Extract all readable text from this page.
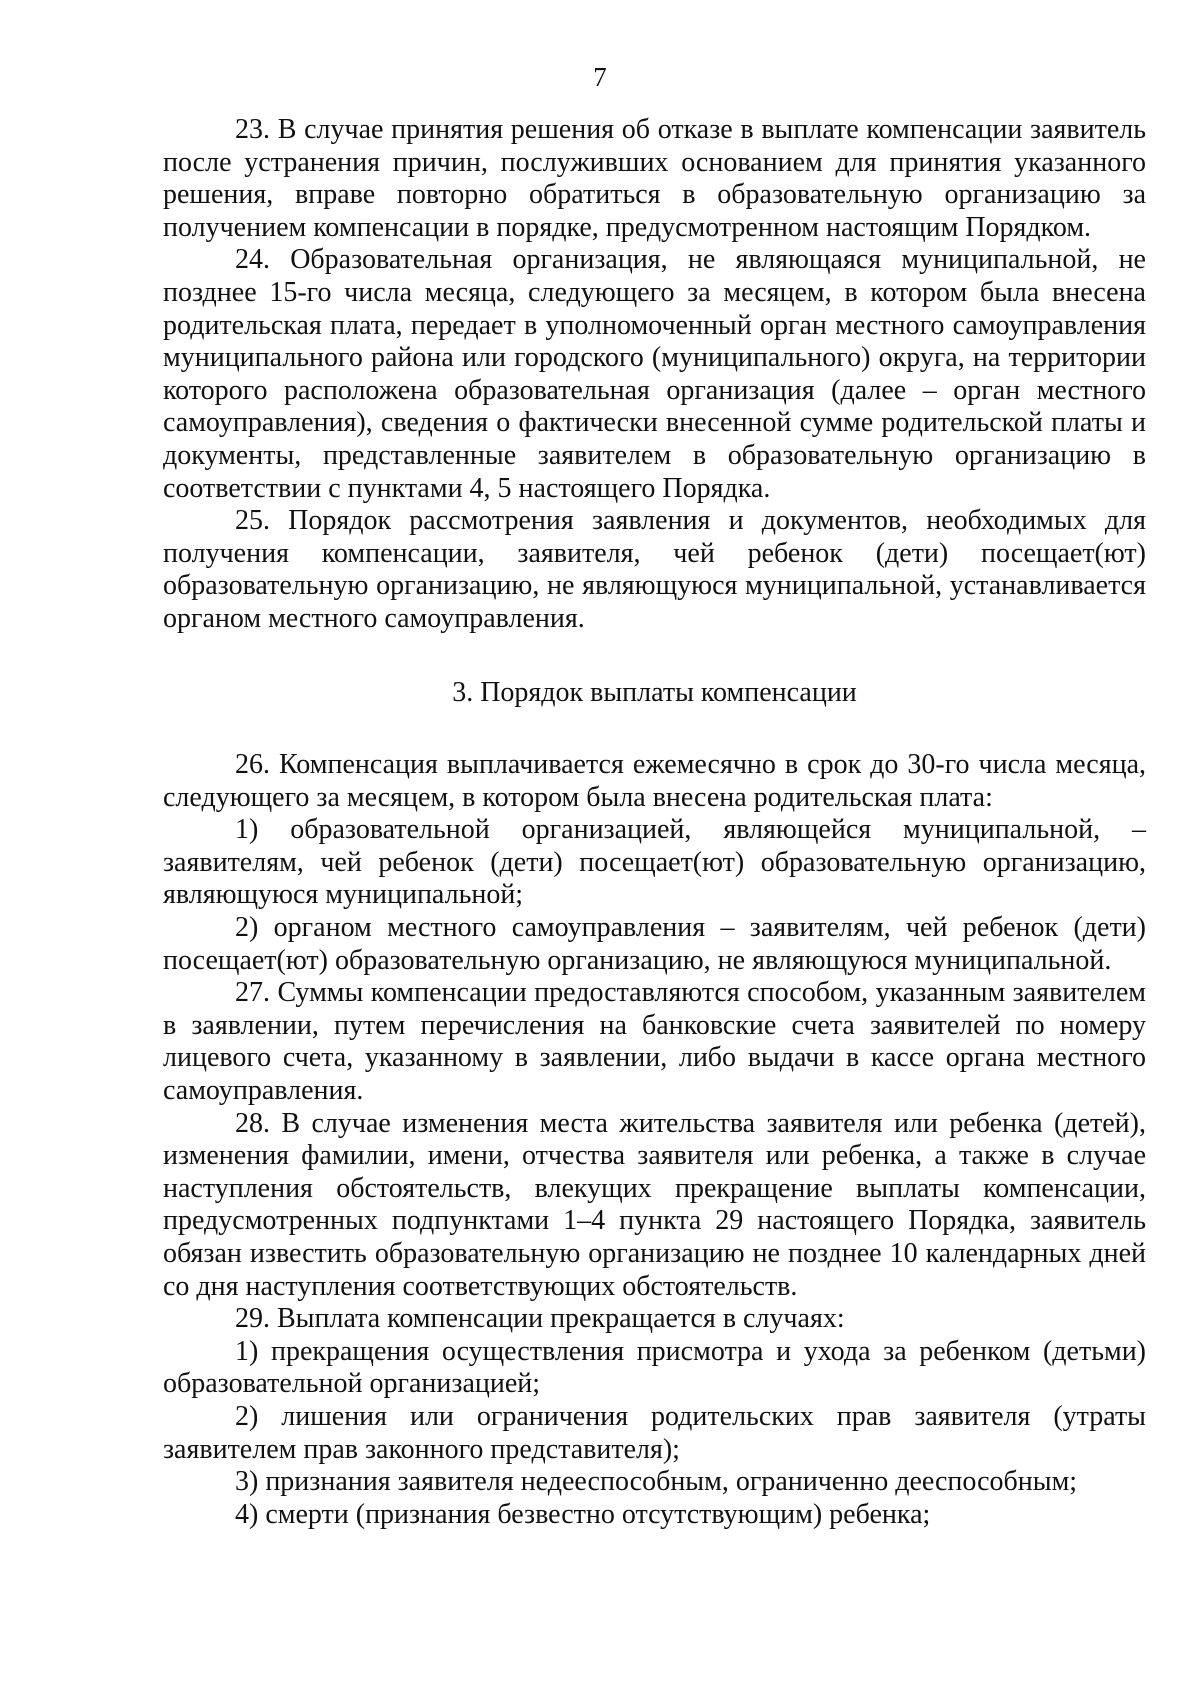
7

23. В случае принятия решения об отказе в выплате компенсации заявитель после устранения причин, послуживших основанием для принятия указанного решения, вправе повторно обратиться в образовательную организацию за получением компенсации в порядке, предусмотренном настоящим Порядком.

24. Образовательная организация, не являющаяся муниципальной, не позднее 15-го числа месяца, следующего за месяцем, в котором была внесена родительская плата, передает в уполномоченный орган местного самоуправления муниципального района или городского (муниципального) округа, на территории которого расположена образовательная организация (далее – орган местного самоуправления), сведения о фактически внесенной сумме родительской платы и документы, представленные заявителем в образовательную организацию в соответствии с пунктами 4, 5 настоящего Порядка.

25. Порядок рассмотрения заявления и документов, необходимых для получения компенсации, заявителя, чей ребенок (дети) посещает(ют) образовательную организацию, не являющуюся муниципальной, устанавливается органом местного самоуправления.

3. Порядок выплаты компенсации

26. Компенсация выплачивается ежемесячно в срок до 30-го числа месяца, следующего за месяцем, в котором была внесена родительская плата:

1) образовательной организацией, являющейся муниципальной, – заявителям, чей ребенок (дети) посещает(ют) образовательную организацию, являющуюся муниципальной;

2) органом местного самоуправления – заявителям, чей ребенок (дети) посещает(ют) образовательную организацию, не являющуюся муниципальной.

27. Суммы компенсации предоставляются способом, указанным заявителем в заявлении, путем перечисления на банковские счета заявителей по номеру лицевого счета, указанному в заявлении, либо выдачи в кассе органа местного самоуправления.

28. В случае изменения места жительства заявителя или ребенка (детей), изменения фамилии, имени, отчества заявителя или ребенка, а также в случае наступления обстоятельств, влекущих прекращение выплаты компенсации, предусмотренных подпунктами 1–4 пункта 29 настоящего Порядка, заявитель обязан известить образовательную организацию не позднее 10 календарных дней со дня наступления соответствующих обстоятельств.

29. Выплата компенсации прекращается в случаях:

1) прекращения осуществления присмотра и ухода за ребенком (детьми) образовательной организацией;

2) лишения или ограничения родительских прав заявителя (утраты заявителем прав законного представителя);

3) признания заявителя недееспособным, ограниченно дееспособным;

4) смерти (признания безвестно отсутствующим) ребенка;
